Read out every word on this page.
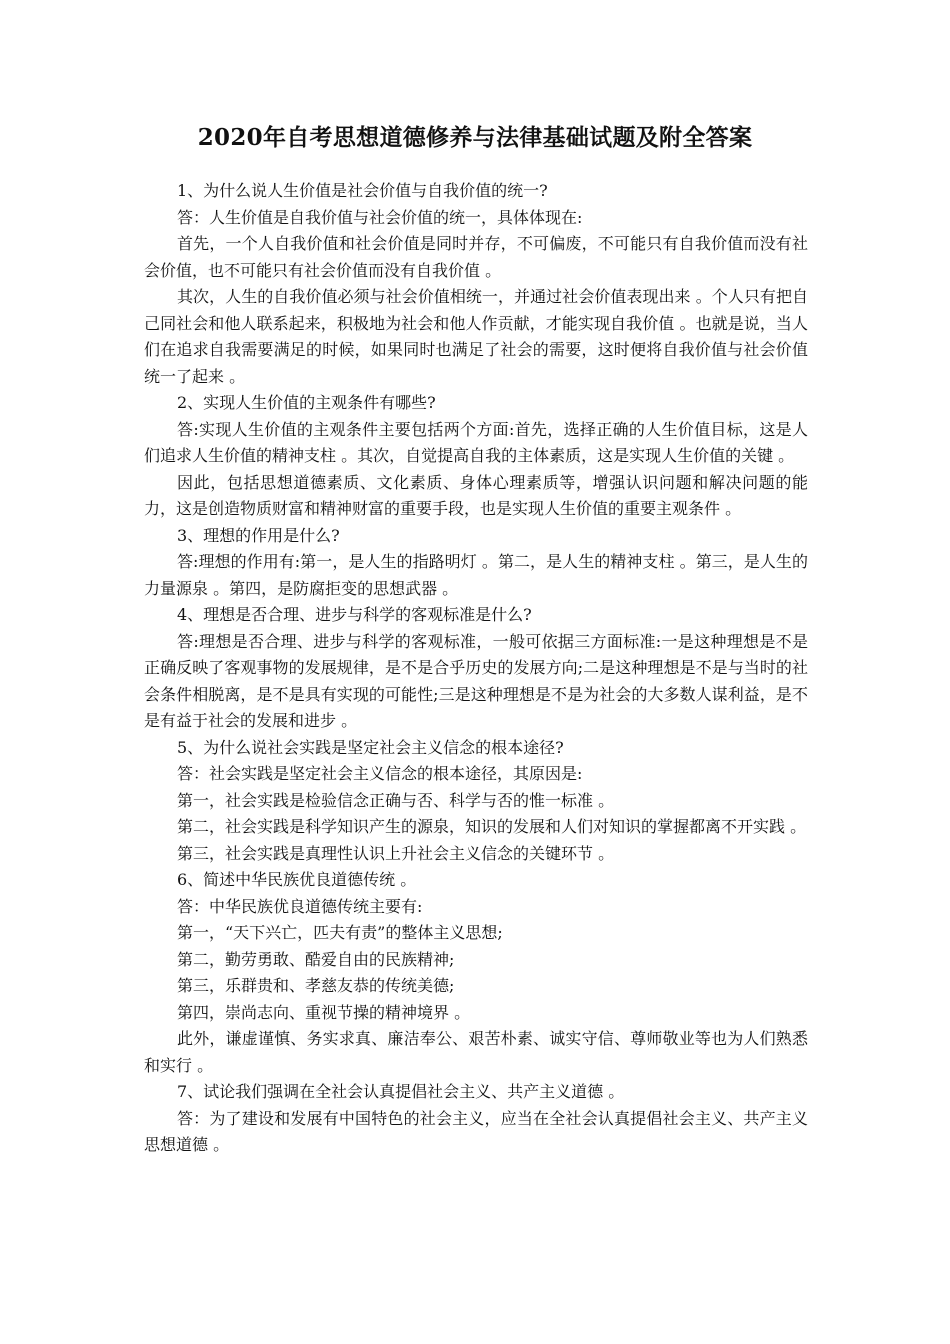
2020年自考思想道德修养与法律基础试题及附全答案

1、为什么说人生价值是社会价值与自我价值的统一?

答：人生价值是自我价值与社会价值的统一，具体体现在:

首先，一个人自我价值和社会价值是同时并存，不可偏废，不可能只有自我价值而没有社会价值，也不可能只有社会价值而没有自我价值 。

其次，人生的自我价值必须与社会价值相统一，并通过社会价值表现出来 。个人只有把自己同社会和他人联系起来，积极地为社会和他人作贡献，才能实现自我价值 。也就是说，当人们在追求自我需要满足的时候，如果同时也满足了社会的需要，这时便将自我价值与社会价值统一了起来 。

2、实现人生价值的主观条件有哪些?

答:实现人生价值的主观条件主要包括两个方面:首先，选择正确的人生价值目标，这是人们追求人生价值的精神支柱 。其次，自觉提高自我的主体素质，这是实现人生价值的关键 。

因此，包括思想道德素质、文化素质、身体心理素质等，增强认识问题和解决问题的能力，这是创造物质财富和精神财富的重要手段，也是实现人生价值的重要主观条件 。

3、理想的作用是什么?

答:理想的作用有:第一，是人生的指路明灯 。第二，是人生的精神支柱 。第三，是人生的力量源泉 。第四，是防腐拒变的思想武器 。

4、理想是否合理、进步与科学的客观标准是什么?

答:理想是否合理、进步与科学的客观标准，一般可依据三方面标准:一是这种理想是不是正确反映了客观事物的发展规律，是不是合乎历史的发展方向;二是这种理想是不是与当时的社会条件相脱离，是不是具有实现的可能性;三是这种理想是不是为社会的大多数人谋利益，是不是有益于社会的发展和进步 。

5、为什么说社会实践是坚定社会主义信念的根本途径?

答：社会实践是坚定社会主义信念的根本途径，其原因是:

第一，社会实践是检验信念正确与否、科学与否的惟一标准 。

第二，社会实践是科学知识产生的源泉，知识的发展和人们对知识的掌握都离不开实践 。

第三，社会实践是真理性认识上升社会主义信念的关键环节 。

6、简述中华民族优良道德传统 。

答：中华民族优良道德传统主要有:

第一，“天下兴亡，匹夫有责”的整体主义思想;

第二，勤劳勇敢、酷爱自由的民族精神;

第三，乐群贵和、孝慈友恭的传统美德;

第四，崇尚志向、重视节操的精神境界 。

此外，谦虚谨慎、务实求真、廉洁奉公、艰苦朴素、诚实守信、尊师敬业等也为人们熟悉和实行 。

7、试论我们强调在全社会认真提倡社会主义、共产主义道德 。

答：为了建设和发展有中国特色的社会主义，应当在全社会认真提倡社会主义、共产主义思想道德 。
